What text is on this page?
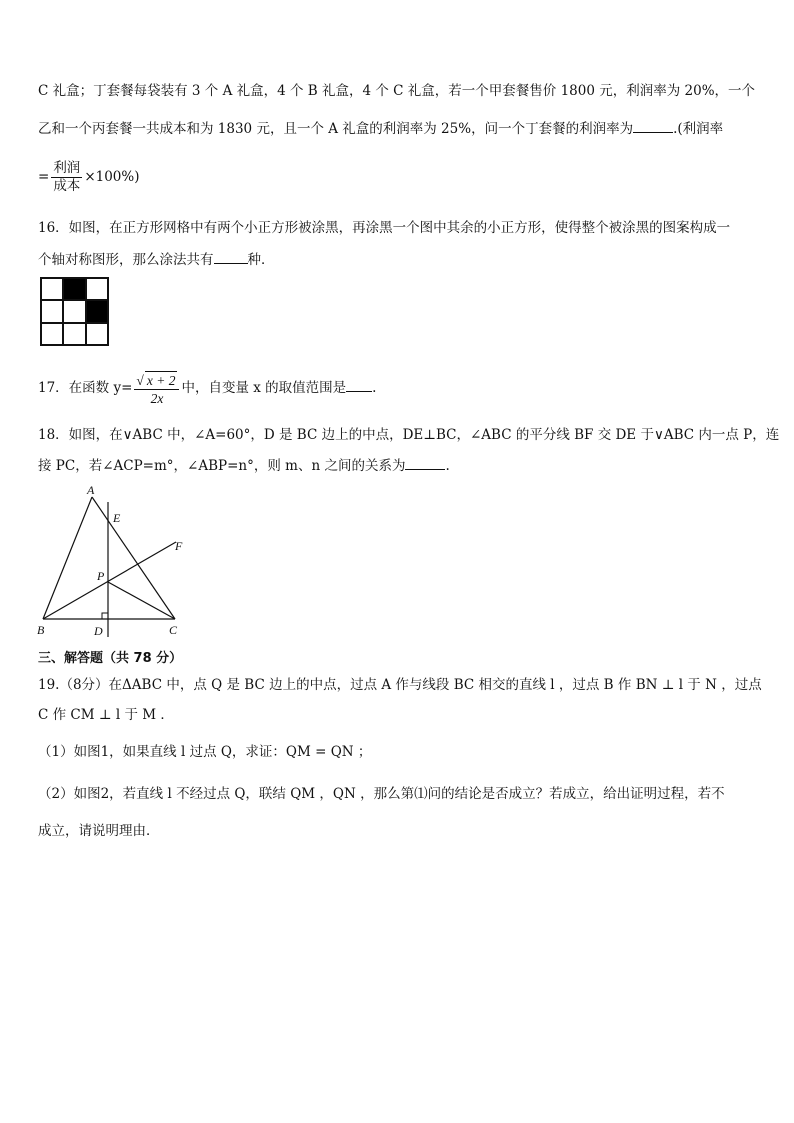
C 礼盒；丁套餐每袋装有 3 个 A 礼盒，4 个 B 礼盒，4 个 C 礼盒，若一个甲套餐售价 1800 元，利润率为 20%，一个
乙和一个丙套餐一共成本和为 1830 元，且一个 A 礼盒的利润率为 25%，问一个丁套餐的利润率为	.(利润率
= $\frac{\text{利润}}{\text{成本}} \times 100\%$)
16．如图，在正方形网格中有两个小正方形被涂黑，再涂黑一个图中其余的小正方形，使得整个被涂黑的图案构成一
个轴对称图形，那么涂法共有	种．
17．在函数 $y= \frac{√ x + 2}{2x}$ 中，自变量 x 的取值范围是 .
18．如图，在∨ABC 中，∠A=60°，D 是 BC 边上的中点，DE⊥BC，∠ABC 的平分线 BF 交 DE 于∨ABC 内一点 P，连
接 PC，若∠ACP=m°，∠ABP=n°，则 m、n 之间的关系为	.
A
E
F
P
B	D	C
三、解答题（共 78 分）
19.（8分）在ΔABC 中，点 Q 是 BC 边上的中点，过点 A 作与线段 BC 相交的直线 l ，过点 B 作 BN ⊥ l 于 N ，过点
C 作 CM ⊥ l 于 M ．
（1）如图1，如果直线 l 过点 Q，求证：QM = QN ；
（2）如图2，若直线 l 不经过点 Q，联结 QM ，QN ，那么第⑴问的结论是否成立？若成立，给出证明过程，若不
成立，请说明理由．
